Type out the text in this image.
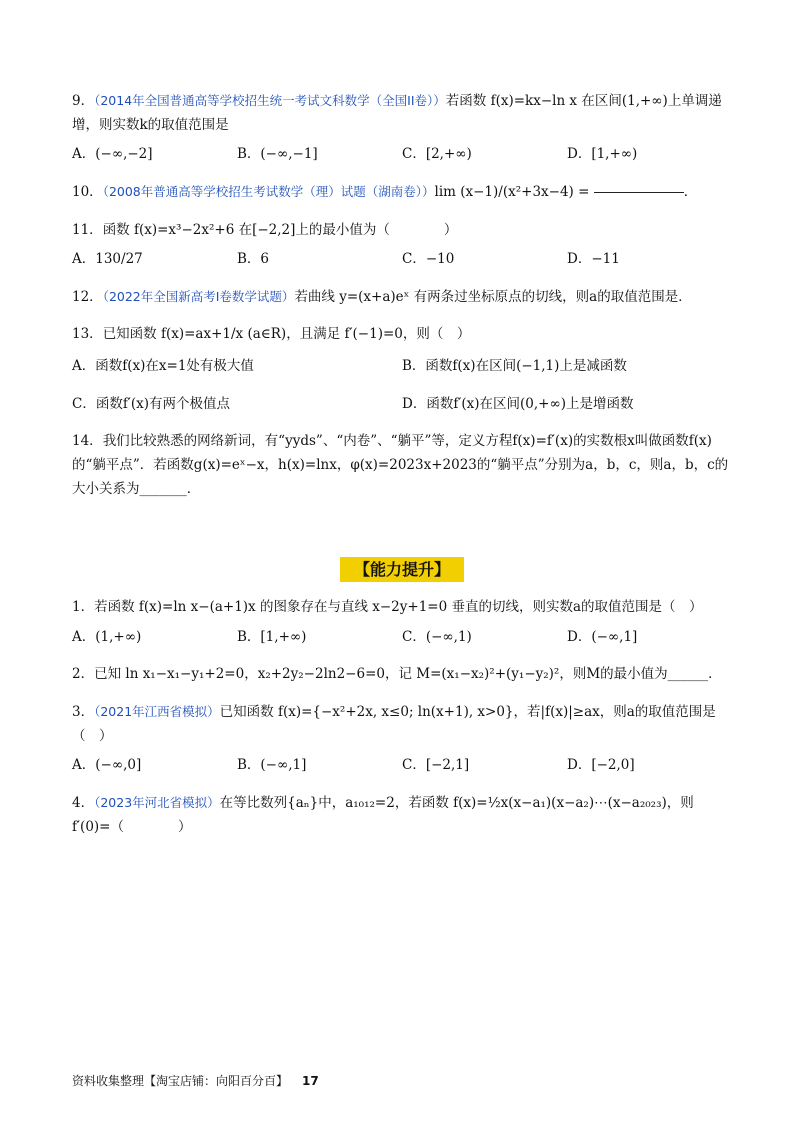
9．（2014年全国普通高等学校招生统一考试文科数学（全国II卷））若函数 f(x)=kx−ln x 在区间(1,+∞)上单调递增，则实数k的取值范围是
A．(−∞,−2]	B．(−∞,−1]	C．[2,+∞)	D．[1,+∞)
10．（2008年普通高等学校招生考试数学（理）试题（湖南卷））lim (x−1)/(x²+3x−4) =	．
11．函数 f(x)=x³−2x²+6 在[−2,2]上的最小值为（　　　　）
A．130/27	B．6	C．−10	D．−11
12．（2022年全国新高考I卷数学试题）若曲线 y=(x+a)eˣ 有两条过坐标原点的切线，则a的取值范围是．
13．已知函数 f(x)=ax+1/x (a∈R)，且满足 f′(−1)=0，则（　）
A．函数f(x)在x=1处有极大值	B．函数f(x)在区间(−1,1)上是减函数
C．函数f′(x)有两个极值点	D．函数f′(x)在区间(0,+∞)上是增函数
14．我们比较熟悉的网络新词，有“yyds”、“内卷”、“躺平”等，定义方程f(x)=f′(x)的实数根x叫做函数f(x)的“躺平点”．若函数g(x)=eˣ−x，h(x)=lnx，φ(x)=2023x+2023的“躺平点”分别为a，b，c，则a，b，c的大小关系为_______．
【能力提升】
1．若函数 f(x)=ln x−(a+1)x 的图象存在与直线 x−2y+1=0 垂直的切线，则实数a的取值范围是（　）
A．(1,+∞)	B．[1,+∞)	C．(−∞,1)	D．(−∞,1]
2．已知 ln x₁−x₁−y₁+2=0，x₂+2y₂−2ln2−6=0，记 M=(x₁−x₂)²+(y₁−y₂)²，则M的最小值为______．
3．（2021年江西省模拟）已知函数 f(x)={−x²+2x, x≤0; ln(x+1), x>0}，若|f(x)|≥ax，则a的取值范围是（　）
A．(−∞,0]	B．(−∞,1]	C．[−2,1]	D．[−2,0]
4．（2023年河北省模拟）在等比数列{aₙ}中，a₁₀₁₂=2，若函数 f(x)=½x(x−a₁)(x−a₂)⋯(x−a₂₀₂₃)，则 f′(0)=（　　　　）
资料收集整理【淘宝店铺：向阳百分百】 17
